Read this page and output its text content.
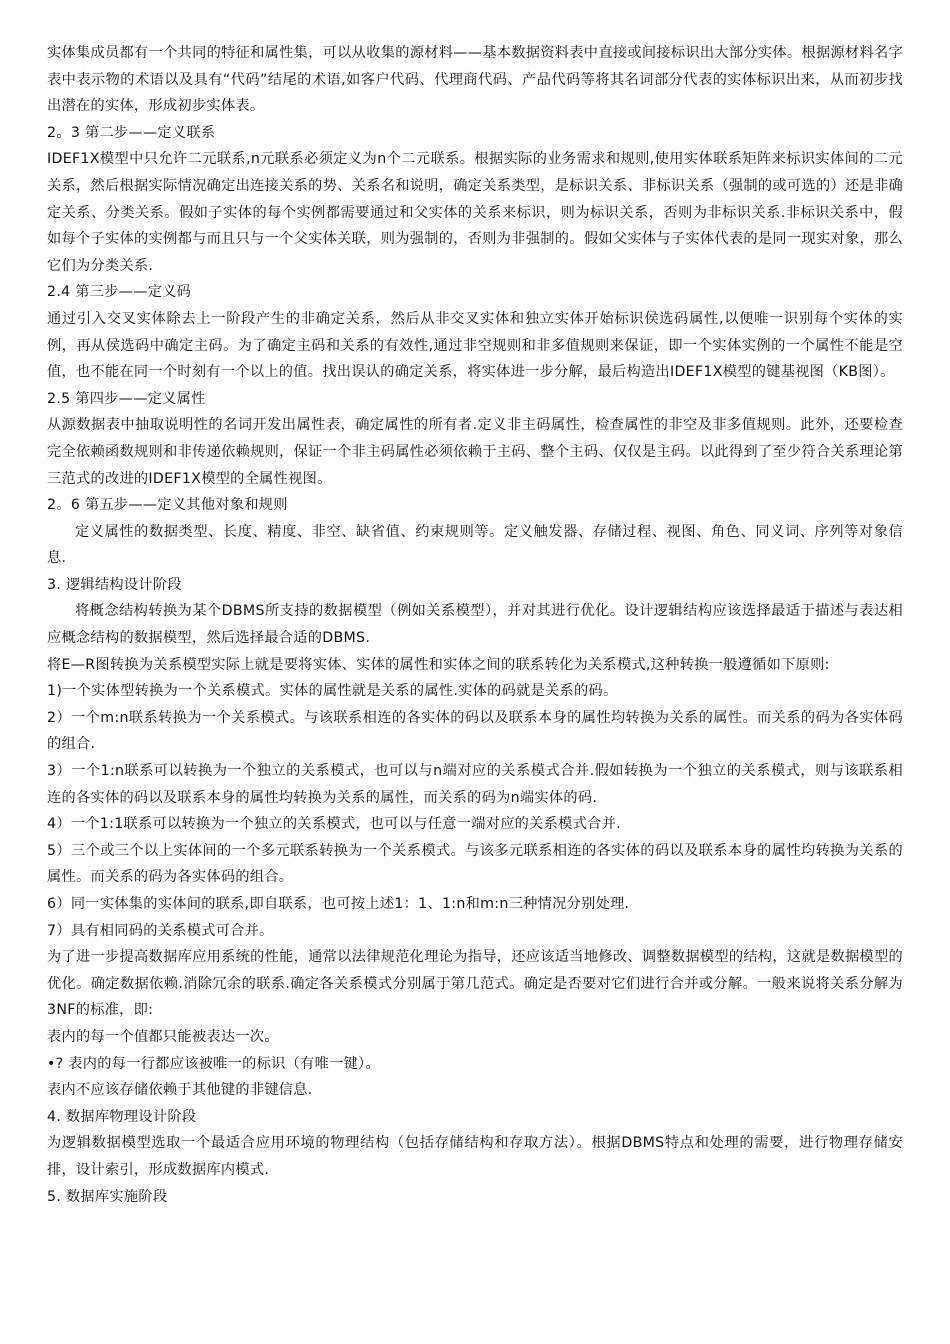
实体集成员都有一个共同的特征和属性集，可以从收集的源材料——基本数据资料表中直接或间接标识出大部分实体。根据源材料名字表中表示物的术语以及具有“代码”结尾的术语,如客户代码、代理商代码、产品代码等将其名词部分代表的实体标识出来，从而初步找出潜在的实体，形成初步实体表。

2。3 第二步——定义联系

IDEF1X模型中只允许二元联系,n元联系必须定义为n个二元联系。根据实际的业务需求和规则,使用实体联系矩阵来标识实体间的二元关系，然后根据实际情况确定出连接关系的势、关系名和说明，确定关系类型，是标识关系、非标识关系（强制的或可选的）还是非确定关系、分类关系。假如子实体的每个实例都需要通过和父实体的关系来标识，则为标识关系，否则为非标识关系.非标识关系中，假如每个子实体的实例都与而且只与一个父实体关联，则为强制的，否则为非强制的。假如父实体与子实体代表的是同一现实对象，那么它们为分类关系.

2.4 第三步——定义码

通过引入交叉实体除去上一阶段产生的非确定关系，然后从非交叉实体和独立实体开始标识侯选码属性,以便唯一识别每个实体的实例，再从侯选码中确定主码。为了确定主码和关系的有效性,通过非空规则和非多值规则来保证，即一个实体实例的一个属性不能是空值，也不能在同一个时刻有一个以上的值。找出误认的确定关系，将实体进一步分解，最后构造出IDEF1X模型的键基视图（KB图）。

2.5 第四步——定义属性

从源数据表中抽取说明性的名词开发出属性表，确定属性的所有者.定义非主码属性，检查属性的非空及非多值规则。此外，还要检查完全依赖函数规则和非传递依赖规则，保证一个非主码属性必须依赖于主码、整个主码、仅仅是主码。以此得到了至少符合关系理论第三范式的改进的IDEF1X模型的全属性视图。

2。6 第五步——定义其他对象和规则

定义属性的数据类型、长度、精度、非空、缺省值、约束规则等。定义触发器、存储过程、视图、角色、同义词、序列等对象信息.

3. 逻辑结构设计阶段

将概念结构转换为某个DBMS所支持的数据模型（例如关系模型），并对其进行优化。设计逻辑结构应该选择最适于描述与表达相应概念结构的数据模型，然后选择最合适的DBMS.

将E—R图转换为关系模型实际上就是要将实体、实体的属性和实体之间的联系转化为关系模式,这种转换一般遵循如下原则:

1)一个实体型转换为一个关系模式。实体的属性就是关系的属性.实体的码就是关系的码。

2）一个m:n联系转换为一个关系模式。与该联系相连的各实体的码以及联系本身的属性均转换为关系的属性。而关系的码为各实体码的组合.

3）一个1:n联系可以转换为一个独立的关系模式，也可以与n端对应的关系模式合并.假如转换为一个独立的关系模式，则与该联系相连的各实体的码以及联系本身的属性均转换为关系的属性，而关系的码为n端实体的码.

4）一个1:1联系可以转换为一个独立的关系模式，也可以与任意一端对应的关系模式合并.

5）三个或三个以上实体间的一个多元联系转换为一个关系模式。与该多元联系相连的各实体的码以及联系本身的属性均转换为关系的属性。而关系的码为各实体码的组合。

6）同一实体集的实体间的联系,即自联系，也可按上述1：1、1:n和m:n三种情况分别处理.

7）具有相同码的关系模式可合并。

为了进一步提高数据库应用系统的性能，通常以法律规范化理论为指导，还应该适当地修改、调整数据模型的结构，这就是数据模型的优化。确定数据依赖.消除冗余的联系.确定各关系模式分别属于第几范式。确定是否要对它们进行合并或分解。一般来说将关系分解为3NF的标准，即:

表内的每一个值都只能被表达一次。

•? 表内的每一行都应该被唯一的标识（有唯一键）。

表内不应该存储依赖于其他键的非键信息.

4. 数据库物理设计阶段

为逻辑数据模型选取一个最适合应用环境的物理结构（包括存储结构和存取方法）。根据DBMS特点和处理的需要，进行物理存储安排，设计索引，形成数据库内模式.

5. 数据库实施阶段
